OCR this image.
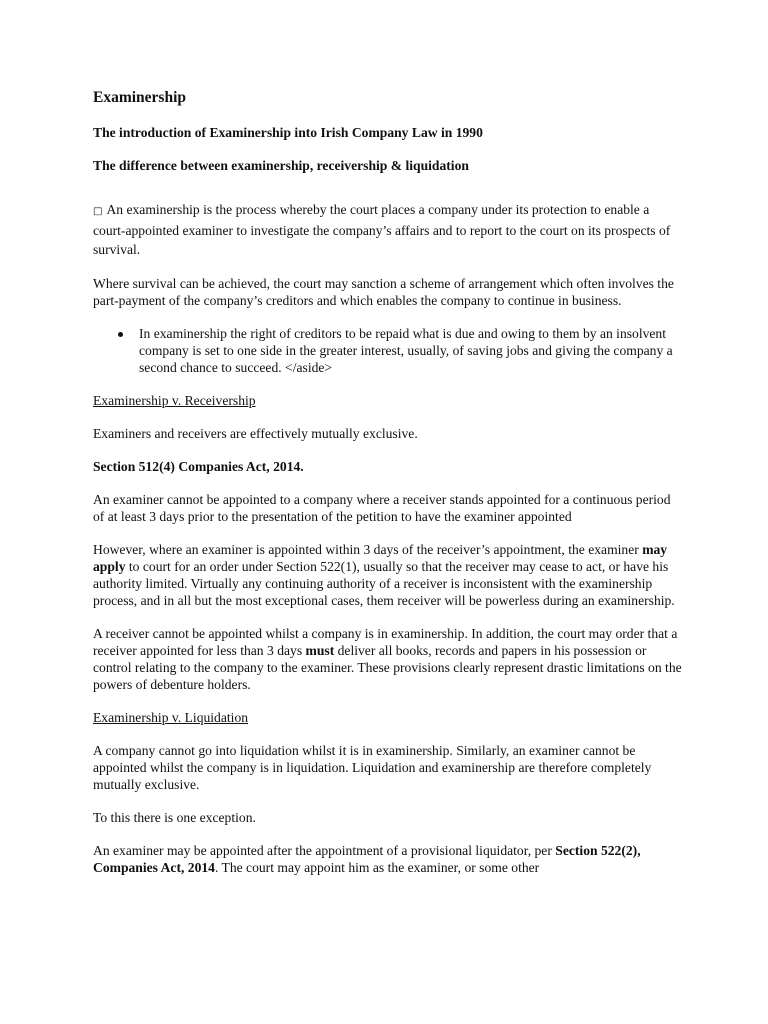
Examinership
The introduction of Examinership into Irish Company Law in 1990
The difference between examinership, receivership & liquidation

□ An examinership is the process whereby the court places a company under its protection to enable a court-appointed examiner to investigate the company’s affairs and to report to the court on its prospects of survival.

Where survival can be achieved, the court may sanction a scheme of arrangement which often involves the part-payment of the company’s creditors and which enables the company to continue in business.

In examinership the right of creditors to be repaid what is due and owing to them by an insolvent company is set to one side in the greater interest, usually, of saving jobs and giving the company a second chance to succeed. </aside>
Examinership v. Receivership

Examiners and receivers are effectively mutually exclusive.

Section 512(4) Companies Act, 2014.

An examiner cannot be appointed to a company where a receiver stands appointed for a continuous period of at least 3 days prior to the presentation of the petition to have the examiner appointed

However, where an examiner is appointed within 3 days of the receiver’s appointment, the examiner may apply to court for an order under Section 522(1), usually so that the receiver may cease to act, or have his authority limited. Virtually any continuing authority of a receiver is inconsistent with the examinership process, and in all but the most exceptional cases, them receiver will be powerless during an examinership.

A receiver cannot be appointed whilst a company is in examinership. In addition, the court may order that a receiver appointed for less than 3 days must deliver all books, records and papers in his possession or control relating to the company to the examiner. These provisions clearly represent drastic limitations on the powers of debenture holders.

Examinership v. Liquidation

A company cannot go into liquidation whilst it is in examinership. Similarly, an examiner cannot be appointed whilst the company is in liquidation. Liquidation and examinership are therefore completely mutually exclusive.

To this there is one exception.

An examiner may be appointed after the appointment of a provisional liquidator, per Section 522(2), Companies Act, 2014. The court may appoint him as the examiner, or some other
